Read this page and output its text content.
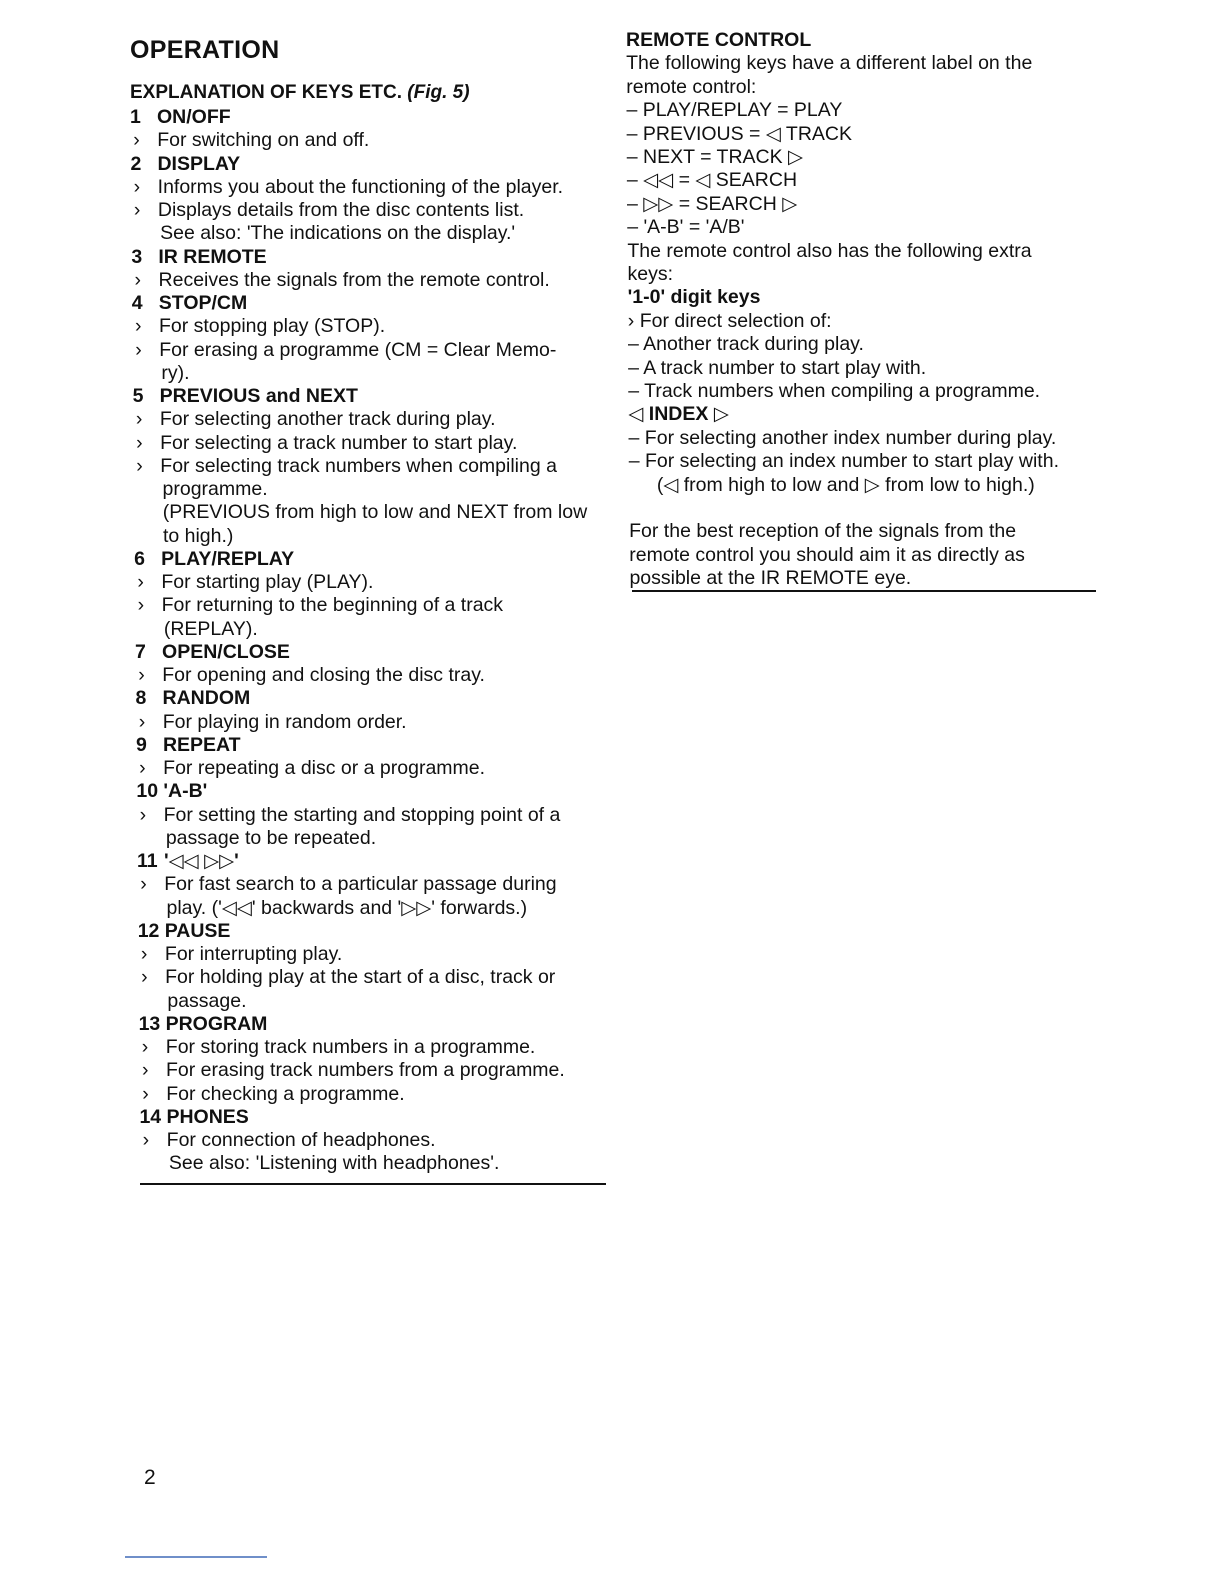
OPERATION
EXPLANATION OF KEYS ETC. (Fig. 5)
1 ON/OFF
› For switching on and off.
2 DISPLAY
› Informs you about the functioning of the player.
› Displays details from the disc contents list.
See also: 'The indications on the display.'
3 IR REMOTE
› Receives the signals from the remote control.
4 STOP/CM
› For stopping play (STOP).
› For erasing a programme (CM = Clear Memo-
ry).
5 PREVIOUS and NEXT
› For selecting another track during play.
› For selecting a track number to start play.
› For selecting track numbers when compiling a
programme.
(PREVIOUS from high to low and NEXT from low
to high.)
6 PLAY/REPLAY
› For starting play (PLAY).
› For returning to the beginning of a track
(REPLAY).
7 OPEN/CLOSE
› For opening and closing the disc tray.
8 RANDOM
› For playing in random order.
9 REPEAT
› For repeating a disc or a programme.
10 'A-B'
› For setting the starting and stopping point of a
passage to be repeated.
11 '◁◁ ▷▷'
› For fast search to a particular passage during
play. ('◁◁' backwards and '▷▷' forwards.)
12 PAUSE
› For interrupting play.
› For holding play at the start of a disc, track or
passage.
13 PROGRAM
› For storing track numbers in a programme.
› For erasing track numbers from a programme.
› For checking a programme.
14 PHONES
› For connection of headphones.
See also: 'Listening with headphones'.
REMOTE CONTROL
The following keys have a different label on the
remote control:
– PLAY/REPLAY = PLAY
– PREVIOUS = ◁ TRACK
– NEXT = TRACK ▷
– ◁◁ = ◁ SEARCH
– ▷▷ = SEARCH ▷
– 'A-B' = 'A/B'
The remote control also has the following extra
keys:
'1-0' digit keys
› For direct selection of:
– Another track during play.
– A track number to start play with.
– Track numbers when compiling a programme.
◁ INDEX ▷
– For selecting another index number during play.
– For selecting an index number to start play with.
(◁ from high to low and ▷ from low to high.)
For the best reception of the signals from the
remote control you should aim it as directly as
possible at the IR REMOTE eye.
2
